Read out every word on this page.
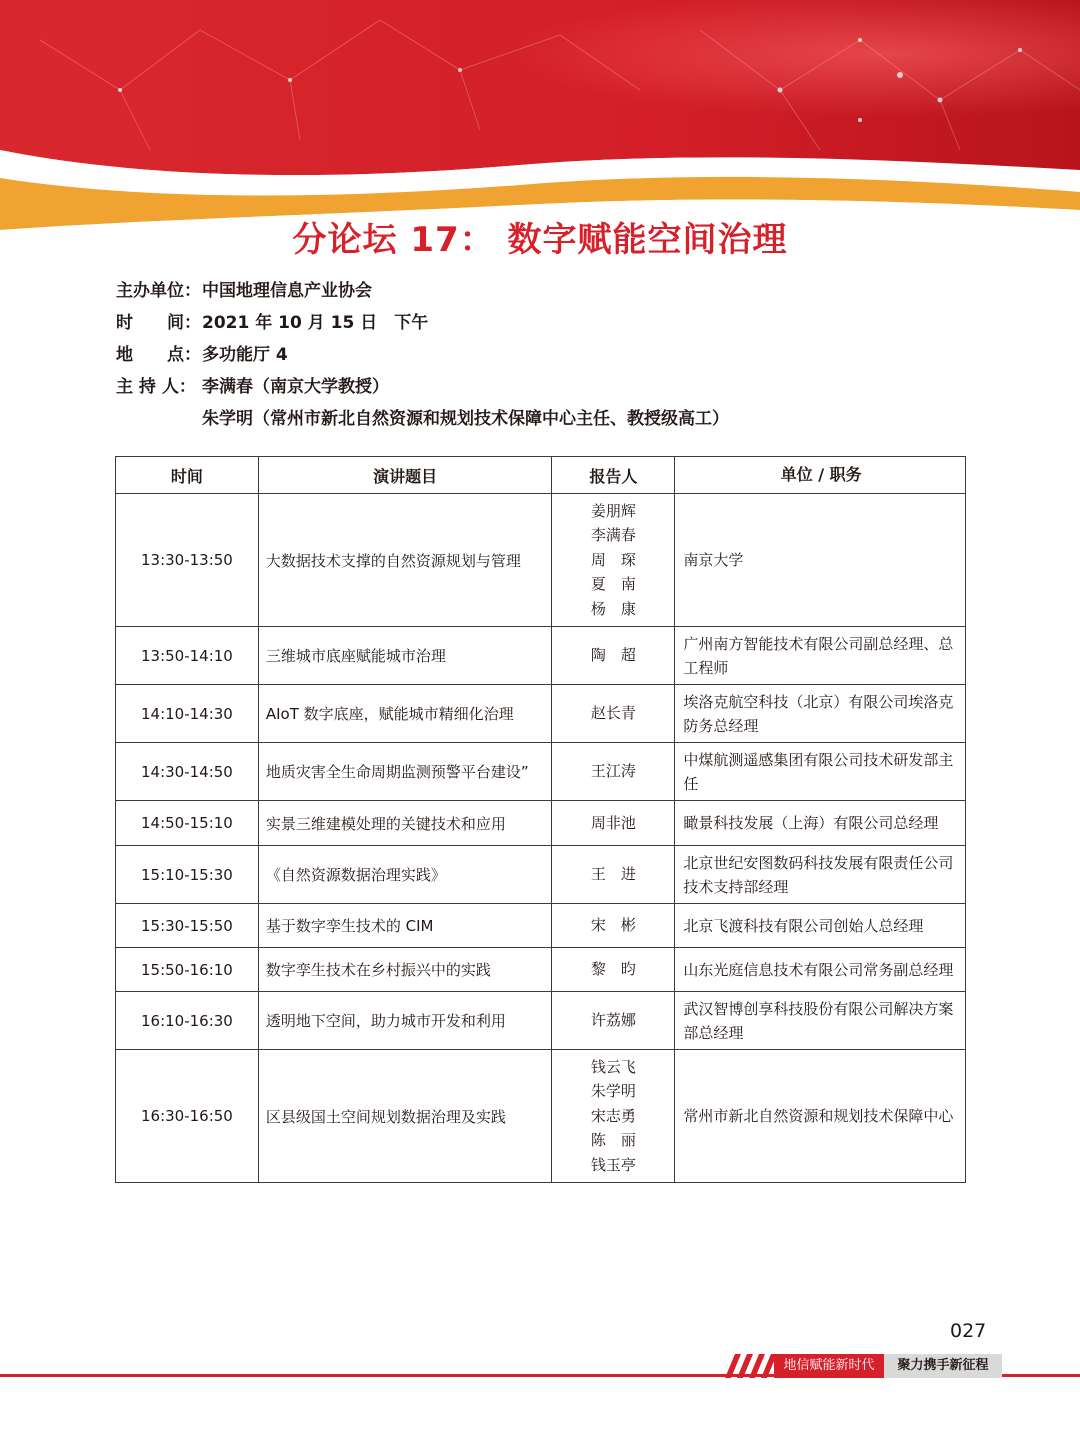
分论坛 17： 数字赋能空间治理
主办单位： 中国地理信息产业协会
时　　间： 2021 年 10 月 15 日　下午
地　　点： 多功能厅 4
主 持 人： 李满春（南京大学教授）
朱学明（常州市新北自然资源和规划技术保障中心主任、教授级高工）
时间	演讲题目	报告人	单位 / 职务
13:30-13:50	大数据技术支撑的自然资源规划与管理	姜朋辉
李满春
周　琛
夏　南
杨　康	南京大学
13:50-14:10	三维城市底座赋能城市治理	陶　超	广州南方智能技术有限公司副总经理、总工程师
14:10-14:30	AIoT 数字底座，赋能城市精细化治理	赵长青	埃洛克航空科技（北京）有限公司埃洛克防务总经理
14:30-14:50	地质灾害全生命周期监测预警平台建设”	王江涛	中煤航测遥感集团有限公司技术研发部主任
14:50-15:10	实景三维建模处理的关键技术和应用	周非池	瞰景科技发展（上海）有限公司总经理
15:10-15:30	《自然资源数据治理实践》	王　进	北京世纪安图数码科技发展有限责任公司技术支持部经理
15:30-15:50	基于数字孪生技术的 CIM	宋　彬	北京飞渡科技有限公司创始人总经理
15:50-16:10	数字孪生技术在乡村振兴中的实践	黎　昀	山东光庭信息技术有限公司常务副总经理
16:10-16:30	透明地下空间，助力城市开发和利用	许荔娜	武汉智博创享科技股份有限公司解决方案部总经理
16:30-16:50	区县级国土空间规划数据治理及实践	钱云飞
朱学明
宋志勇
陈　丽
钱玉亭	常州市新北自然资源和规划技术保障中心
027
地信赋能新时代	聚力携手新征程
